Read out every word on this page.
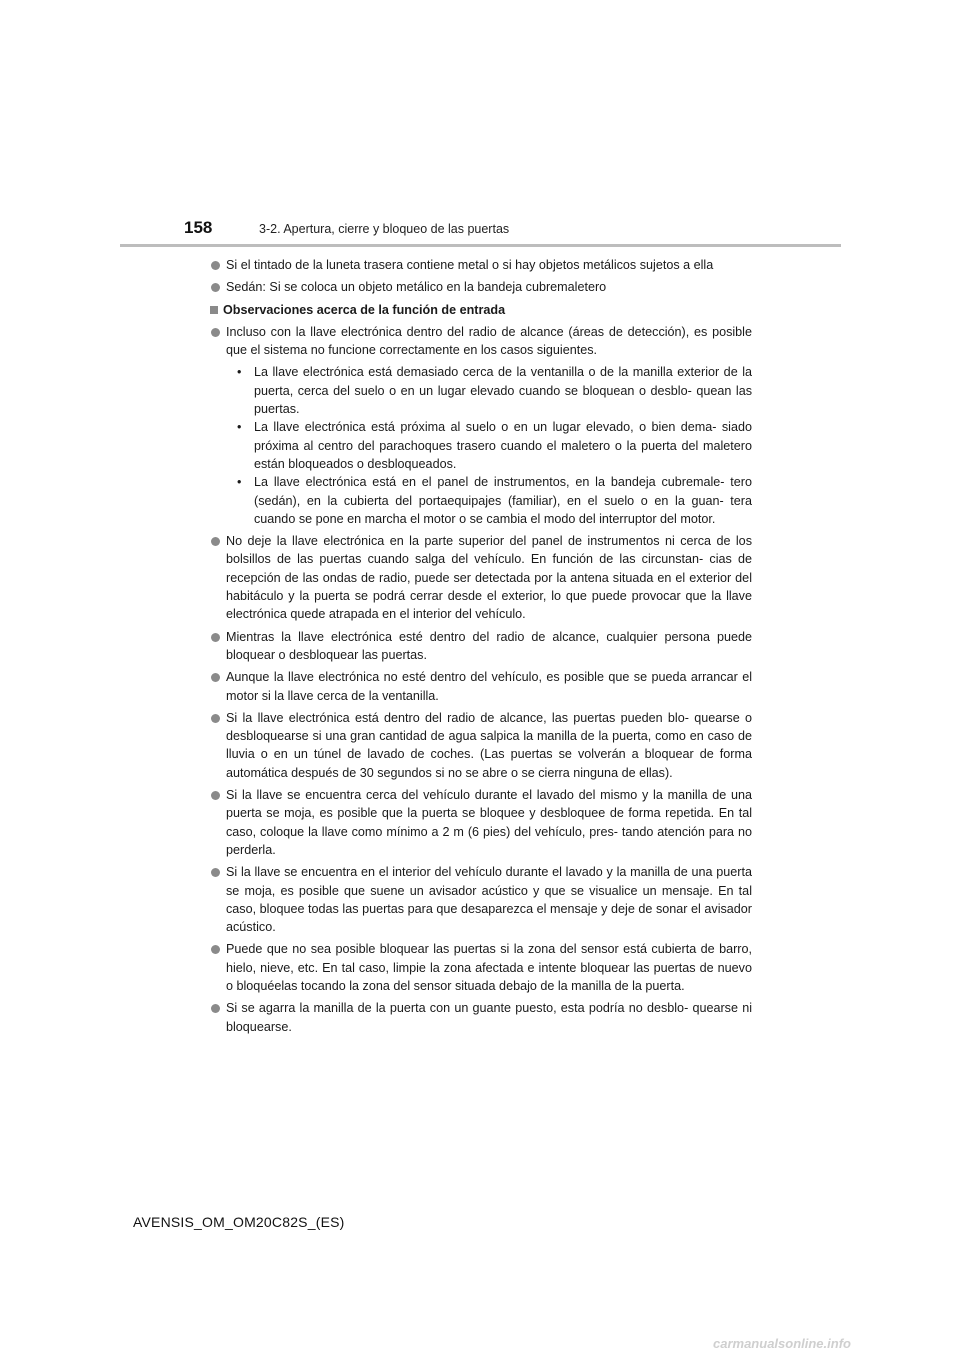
158	3-2. Apertura, cierre y bloqueo de las puertas
Si el tintado de la luneta trasera contiene metal o si hay objetos metálicos sujetos a ella
Sedán: Si se coloca un objeto metálico en la bandeja cubremaletero
Observaciones acerca de la función de entrada
Incluso con la llave electrónica dentro del radio de alcance (áreas de detección), es posible que el sistema no funcione correctamente en los casos siguientes.
• La llave electrónica está demasiado cerca de la ventanilla o de la manilla exterior de la puerta, cerca del suelo o en un lugar elevado cuando se bloquean o desblo- quean las puertas.
• La llave electrónica está próxima al suelo o en un lugar elevado, o bien dema- siado próxima al centro del parachoques trasero cuando el maletero o la puerta del maletero están bloqueados o desbloqueados.
• La llave electrónica está en el panel de instrumentos, en la bandeja cubremale- tero (sedán), en la cubierta del portaequipajes (familiar), en el suelo o en la guan- tera cuando se pone en marcha el motor o se cambia el modo del interruptor del motor.
No deje la llave electrónica en la parte superior del panel de instrumentos ni cerca de los bolsillos de las puertas cuando salga del vehículo. En función de las circunstan- cias de recepción de las ondas de radio, puede ser detectada por la antena situada en el exterior del habitáculo y la puerta se podrá cerrar desde el exterior, lo que puede provocar que la llave electrónica quede atrapada en el interior del vehículo.
Mientras la llave electrónica esté dentro del radio de alcance, cualquier persona puede bloquear o desbloquear las puertas.
Aunque la llave electrónica no esté dentro del vehículo, es posible que se pueda arrancar el motor si la llave cerca de la ventanilla.
Si la llave electrónica está dentro del radio de alcance, las puertas pueden blo- quearse o desbloquearse si una gran cantidad de agua salpica la manilla de la puerta, como en caso de lluvia o en un túnel de lavado de coches. (Las puertas se volverán a bloquear de forma automática después de 30 segundos si no se abre o se cierra ninguna de ellas).
Si la llave se encuentra cerca del vehículo durante el lavado del mismo y la manilla de una puerta se moja, es posible que la puerta se bloquee y desbloquee de forma repetida. En tal caso, coloque la llave como mínimo a 2 m (6 pies) del vehículo, pres- tando atención para no perderla.
Si la llave se encuentra en el interior del vehículo durante el lavado y la manilla de una puerta se moja, es posible que suene un avisador acústico y que se visualice un mensaje. En tal caso, bloquee todas las puertas para que desaparezca el mensaje y deje de sonar el avisador acústico.
Puede que no sea posible bloquear las puertas si la zona del sensor está cubierta de barro, hielo, nieve, etc. En tal caso, limpie la zona afectada e intente bloquear las puertas de nuevo o bloquéelas tocando la zona del sensor situada debajo de la manilla de la puerta.
Si se agarra la manilla de la puerta con un guante puesto, esta podría no desblo- quearse ni bloquearse.
AVENSIS_OM_OM20C82S_(ES)
carmanualsonline.info
